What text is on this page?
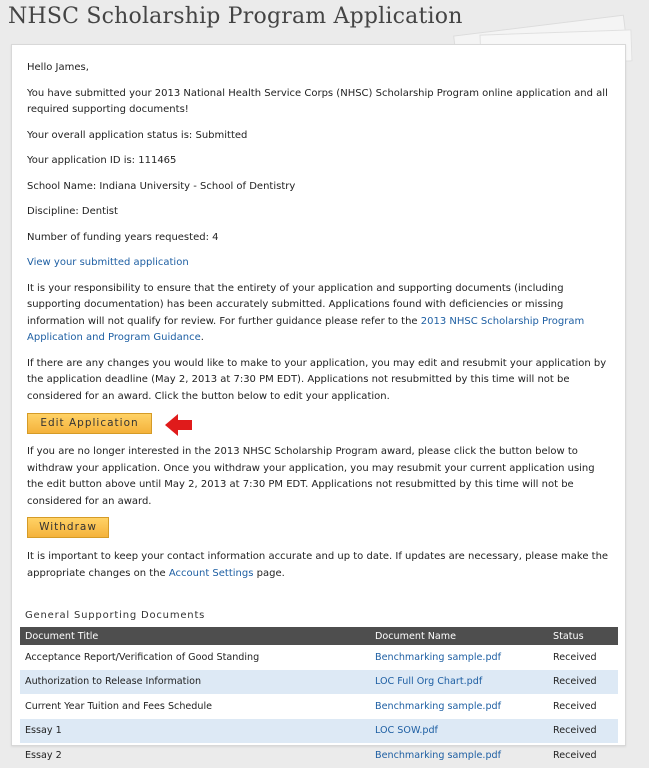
NHSC Scholarship Program Application

Hello James,

You have submitted your 2013 National Health Service Corps (NHSC) Scholarship Program online application and all required supporting documents!

Your overall application status is: Submitted

Your application ID is: 111465

School Name: Indiana University - School of Dentistry

Discipline: Dentist

Number of funding years requested: 4

View your submitted application

It is your responsibility to ensure that the entirety of your application and supporting documents (including supporting documentation) has been accurately submitted. Applications found with deficiencies or missing information will not qualify for review. For further guidance please refer to the 2013 NHSC Scholarship Program Application and Program Guidance.

If there are any changes you would like to make to your application, you may edit and resubmit your application by the application deadline (May 2, 2013 at 7:30 PM EDT). Applications not resubmitted by this time will not be considered for an award. Click the button below to edit your application.

Edit Application

If you are no longer interested in the 2013 NHSC Scholarship Program award, please click the button below to withdraw your application. Once you withdraw your application, you may resubmit your current application using the edit button above until May 2, 2013 at 7:30 PM EDT. Applications not resubmitted by this time will not be considered for an award.

Withdraw

It is important to keep your contact information accurate and up to date. If updates are necessary, please make the appropriate changes on the Account Settings page.

General Supporting Documents
Document Title	Document Name	Status
Acceptance Report/Verification of Good Standing	Benchmarking sample.pdf	Received
Authorization to Release Information	LOC Full Org Chart.pdf	Received
Current Year Tuition and Fees Schedule	Benchmarking sample.pdf	Received
Essay 1	LOC SOW.pdf	Received
Essay 2	Benchmarking sample.pdf	Received
